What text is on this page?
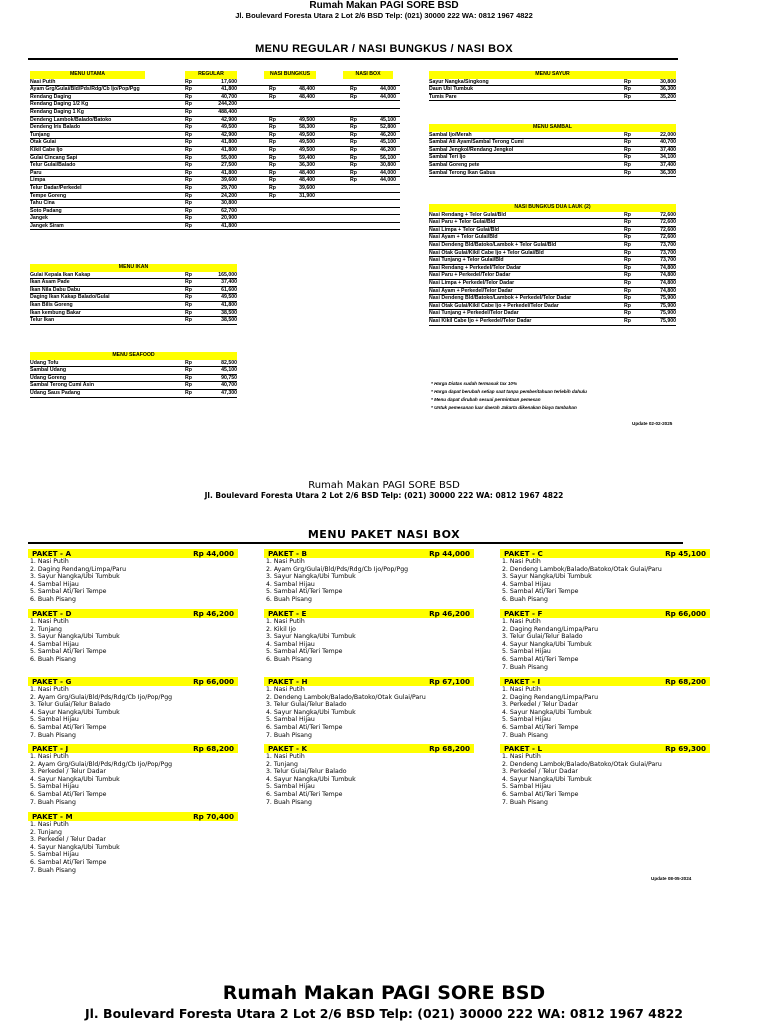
Rumah Makan PAGI SORE BSD
Jl. Boulevard Foresta Utara 2 Lot 2/6 BSD Telp: (021) 30000 222 WA: 0812 1967 4822
MENU REGULAR / NASI BUNGKUS / NASI BOX
MENU UTAMA	REGULAR	NASI BUNGKUS	NASI BOX
Nasi Putih	Rp	17,600
Ayam Grg/Gulai/Bld/Pds/Rdg/Cb Ijo/Pop/Pgg	Rp	41,800	Rp	48,400	Rp	44,000
Rendang Daging	Rp	40,700	Rp	48,400	Rp	44,000
Rendang Daging 1/2 Kg	Rp	244,200
Rendang Daging 1 Kg	Rp	488,400
Dendeng Lambok/Balado/Batoko	Rp	42,900	Rp	49,500	Rp	45,100
Dendeng Iris Balado	Rp	49,500	Rp	58,300	Rp	52,800
Tunjang	Rp	42,900	Rp	49,500	Rp	46,200
Otak Gulai	Rp	41,800	Rp	49,500	Rp	45,100
Kikil Cabe Ijo	Rp	41,800	Rp	49,500	Rp	46,200
Gulai Cincang Sapi	Rp	55,000	Rp	59,400	Rp	56,100
Telur Gulai/Balado	Rp	27,500	Rp	36,300	Rp	30,800
Paru	Rp	41,800	Rp	48,400	Rp	44,000
Limpa	Rp	39,600	Rp	48,400	Rp	44,000
Telur Dadar/Perkedel	Rp	29,700	Rp	39,600
Tempe Goreng	Rp	24,200	Rp	31,900
Tahu Cina	Rp	30,800
Soto Padang	Rp	62,700
Jangek	Rp	20,900
Jangek Siram	Rp	41,800
MENU IKAN
Gulai Kepala Ikan Kakap	Rp	165,000
Ikan Asam Pade	Rp	37,400
Ikan Nila Dabu Dabu	Rp	61,600
Daging Ikan Kakap Balado/Gulai	Rp	49,500
Ikan Bilis Goreng	Rp	41,800
Ikan kembung Bakar	Rp	38,500
Telur Ikan	Rp	38,500
MENU SEAFOOD
Udang Tofu	Rp	82,500
Sambal Udang	Rp	45,100
Udang Goreng	Rp	90,750
Sambal Terong Cumi Asin	Rp	40,700
Udang Saus Padang	Rp	47,300
MENU SAYUR
Sayur Nangka/Singkong	Rp	30,800
Daun Ubi Tumbuk	Rp	36,300
Tumis Pare	Rp	35,200
MENU SAMBAL
Sambal Ijo/Merah	Rp	22,000
Sambal Ati Ayam/Sambal Terong Cumi	Rp	40,700
Sambal Jengkol/Rendang Jengkol	Rp	37,400
Sambal Teri Ijo	Rp	34,100
Sambal Goreng pete	Rp	37,400
Sambal Terong Ikan Gabus	Rp	36,300
NASI BUNGKUS DUA LAUK (2)
Nasi Rendang + Telor Gulai/Bld	Rp	72,600
Nasi Paru + Telor Gulai/Bld	Rp	72,600
Nasi Limpa + Telor Gulai/Bld	Rp	72,600
Nasi Ayam + Telor Gulai/Bld	Rp	72,600
Nasi Dendeng Bld/Batoko/Lambok + Telor Gulai/Bld	Rp	73,700
Nasi Otak Gulai/Kikil Cabe Ijo + Telor Gulai/Bld	Rp	73,700
Nasi Tunjang + Telor Gulai/Bld	Rp	73,700
Nasi Rendang + Perkedel/Telor Dadar	Rp	74,800
Nasi Paru + Perkedel/Telor Dadar	Rp	74,800
Nasi Limpa + Perkedel/Telor Dadar	Rp	74,800
Nasi Ayam + Perkedel/Telor Dadar	Rp	74,800
Nasi Dendeng Bld/Batoko/Lambok + Perkedel/Telor Dadar	Rp	75,900
Nasi Otak Gulai/Kikil Cabe Ijo + Perkedel/Telor Dadar	Rp	75,900
Nasi Tunjang + Perkedel/Telor Dadar	Rp	75,900
Nasi Kikil Cabe Ijo + Perkedel/Telor Dadar	Rp	75,900
* Harga Diatas sudah termasuk tax 10%
* Harga dapat berubah setiap saat tanpa pemberitahuan terlebih dahulu
* Menu dapat dirubah sesuai permintaan pemesan
* Untuk pemesanan luar daerah Jakarta dikenakan biaya tambahan
Update 02-02-2025
Rumah Makan PAGI SORE BSD
Jl. Boulevard Foresta Utara 2 Lot 2/6 BSD Telp: (021) 30000 222 WA: 0812 1967 4822
MENU PAKET NASI BOX
PAKET - A	Rp 44,000
1. Nasi Putih
2. Daging Rendang/Limpa/Paru
3. Sayur Nangka/Ubi Tumbuk
4. Sambal Hijau
5. Sambal Ati/Teri Tempe
6. Buah Pisang
PAKET - B	Rp 44,000
1. Nasi Putih
2. Ayam Grg/Gulai/Bld/Pds/Rdg/Cb Ijo/Pop/Pgg
3. Sayur Nangka/Ubi Tumbuk
4. Sambal Hijau
5. Sambal Ati/Teri Tempe
6. Buah Pisang
PAKET - C	Rp 45,100
1. Nasi Putih
2. Dendeng Lambok/Balado/Batoko/Otak Gulai/Paru
3. Sayur Nangka/Ubi Tumbuk
4. Sambal Hijau
5. Sambal Ati/Teri Tempe
6. Buah Pisang
PAKET - D	Rp 46,200
1. Nasi Putih
2. Tunjang
3. Sayur Nangka/Ubi Tumbuk
4. Sambal Hijau
5. Sambal Ati/Teri Tempe
6. Buah Pisang
PAKET - E	Rp 46,200
1. Nasi Putih
2. Kikil Ijo
3. Sayur Nangka/Ubi Tumbuk
4. Sambal Hijau
5. Sambal Ati/Teri Tempe
6. Buah Pisang
PAKET - F	Rp 66,000
1. Nasi Putih
2. Daging Rendang/Limpa/Paru
3. Telur Gulai/Telur Balado
4. Sayur Nangka/Ubi Tumbuk
5. Sambal Hijau
6. Sambal Ati/Teri Tempe
7. Buah Pisang
PAKET - G	Rp 66,000
1. Nasi Putih
2. Ayam Grg/Gulai/Bld/Pds/Rdg/Cb Ijo/Pop/Pgg
3. Telur Gulai/Telur Balado
4. Sayur Nangka/Ubi Tumbuk
5. Sambal Hijau
6. Sambal Ati/Teri Tempe
7. Buah Pisang
PAKET - H	Rp 67,100
1. Nasi Putih
2. Dendeng Lambok/Balado/Batoko/Otak Gulai/Paru
3. Telur Gulai/Telur Balado
4. Sayur Nangka/Ubi Tumbuk
5. Sambal Hijau
6. Sambal Ati/Teri Tempe
7. Buah Pisang
PAKET - I	Rp 68,200
1. Nasi Putih
2. Daging Rendang/Limpa/Paru
3. Perkedel / Telur Dadar
4. Sayur Nangka/Ubi Tumbuk
5. Sambal Hijau
6. Sambal Ati/Teri Tempe
7. Buah Pisang
PAKET - J	Rp 68,200
1. Nasi Putih
2. Ayam Grg/Gulai/Bld/Pds/Rdg/Cb Ijo/Pop/Pgg
3. Perkedel / Telur Dadar
4. Sayur Nangka/Ubi Tumbuk
5. Sambal Hijau
6. Sambal Ati/Teri Tempe
7. Buah Pisang
PAKET - K	Rp 68,200
1. Nasi Putih
2. Tunjang
3. Telur Gulai/Telur Balado
4. Sayur Nangka/Ubi Tumbuk
5. Sambal Hijau
6. Sambal Ati/Teri Tempe
7. Buah Pisang
PAKET - L	Rp 69,300
1. Nasi Putih
2. Dendeng Lambok/Balado/Batoko/Otak Gulai/Paru
3. Perkedel / Telur Dadar
4. Sayur Nangka/Ubi Tumbuk
5. Sambal Hijau
6. Sambal Ati/Teri Tempe
7. Buah Pisang
PAKET - M	Rp 70,400
1. Nasi Putih
2. Tunjang
3. Perkedel / Telur Dadar
4. Sayur Nangka/Ubi Tumbuk
5. Sambal Hijau
6. Sambal Ati/Teri Tempe
7. Buah Pisang
Update 08-05-2024
Rumah Makan PAGI SORE BSD
Jl. Boulevard Foresta Utara 2 Lot 2/6 BSD Telp: (021) 30000 222 WA: 0812 1967 4822
